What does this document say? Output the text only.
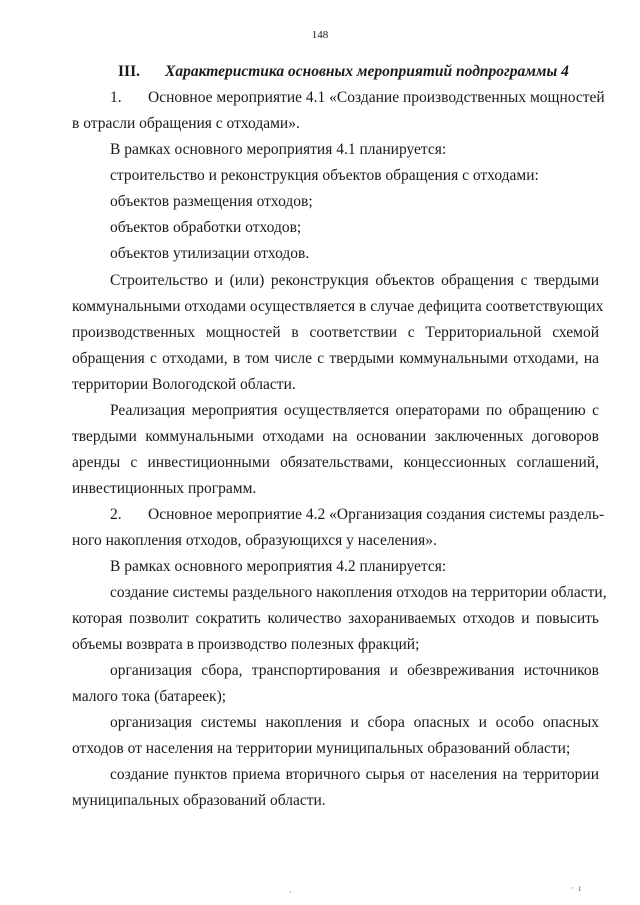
148
III. Характеристика основных мероприятий подпрограммы 4
1. Основное мероприятие 4.1 «Создание производственных мощностей
в отрасли обращения с отходами».
В рамках основного мероприятия 4.1 планируется:
строительство и реконструкция объектов обращения с отходами:
объектов размещения отходов;
объектов обработки отходов;
объектов утилизации отходов.
Строительство и (или) реконструкция объектов обращения с твердыми
коммунальными отходами осуществляется в случае дефицита соответствующих
производственных мощностей в соответствии с Территориальной схемой
обращения с отходами, в том числе с твердыми коммунальными отходами, на
территории Вологодской области.
Реализация мероприятия осуществляется операторами по обращению с
твердыми коммунальными отходами на основании заключенных договоров
аренды с инвестиционными обязательствами, концессионных соглашений,
инвестиционных программ.
2. Основное мероприятие 4.2 «Организация создания системы раздель-
ного накопления отходов, образующихся у населения».
В рамках основного мероприятия 4.2 планируется:
создание системы раздельного накопления отходов на территории области,
которая позволит сократить количество захораниваемых отходов и повысить
объемы возврата в производство полезных фракций;
организация сбора, транспортирования и обезвреживания источников
малого тока (батареек);
организация системы накопления и сбора опасных и особо опасных
отходов от населения на территории муниципальных образований области;
создание пунктов приема вторичного сырья от населения на территории
муниципальных образований области.
·  ı
·
